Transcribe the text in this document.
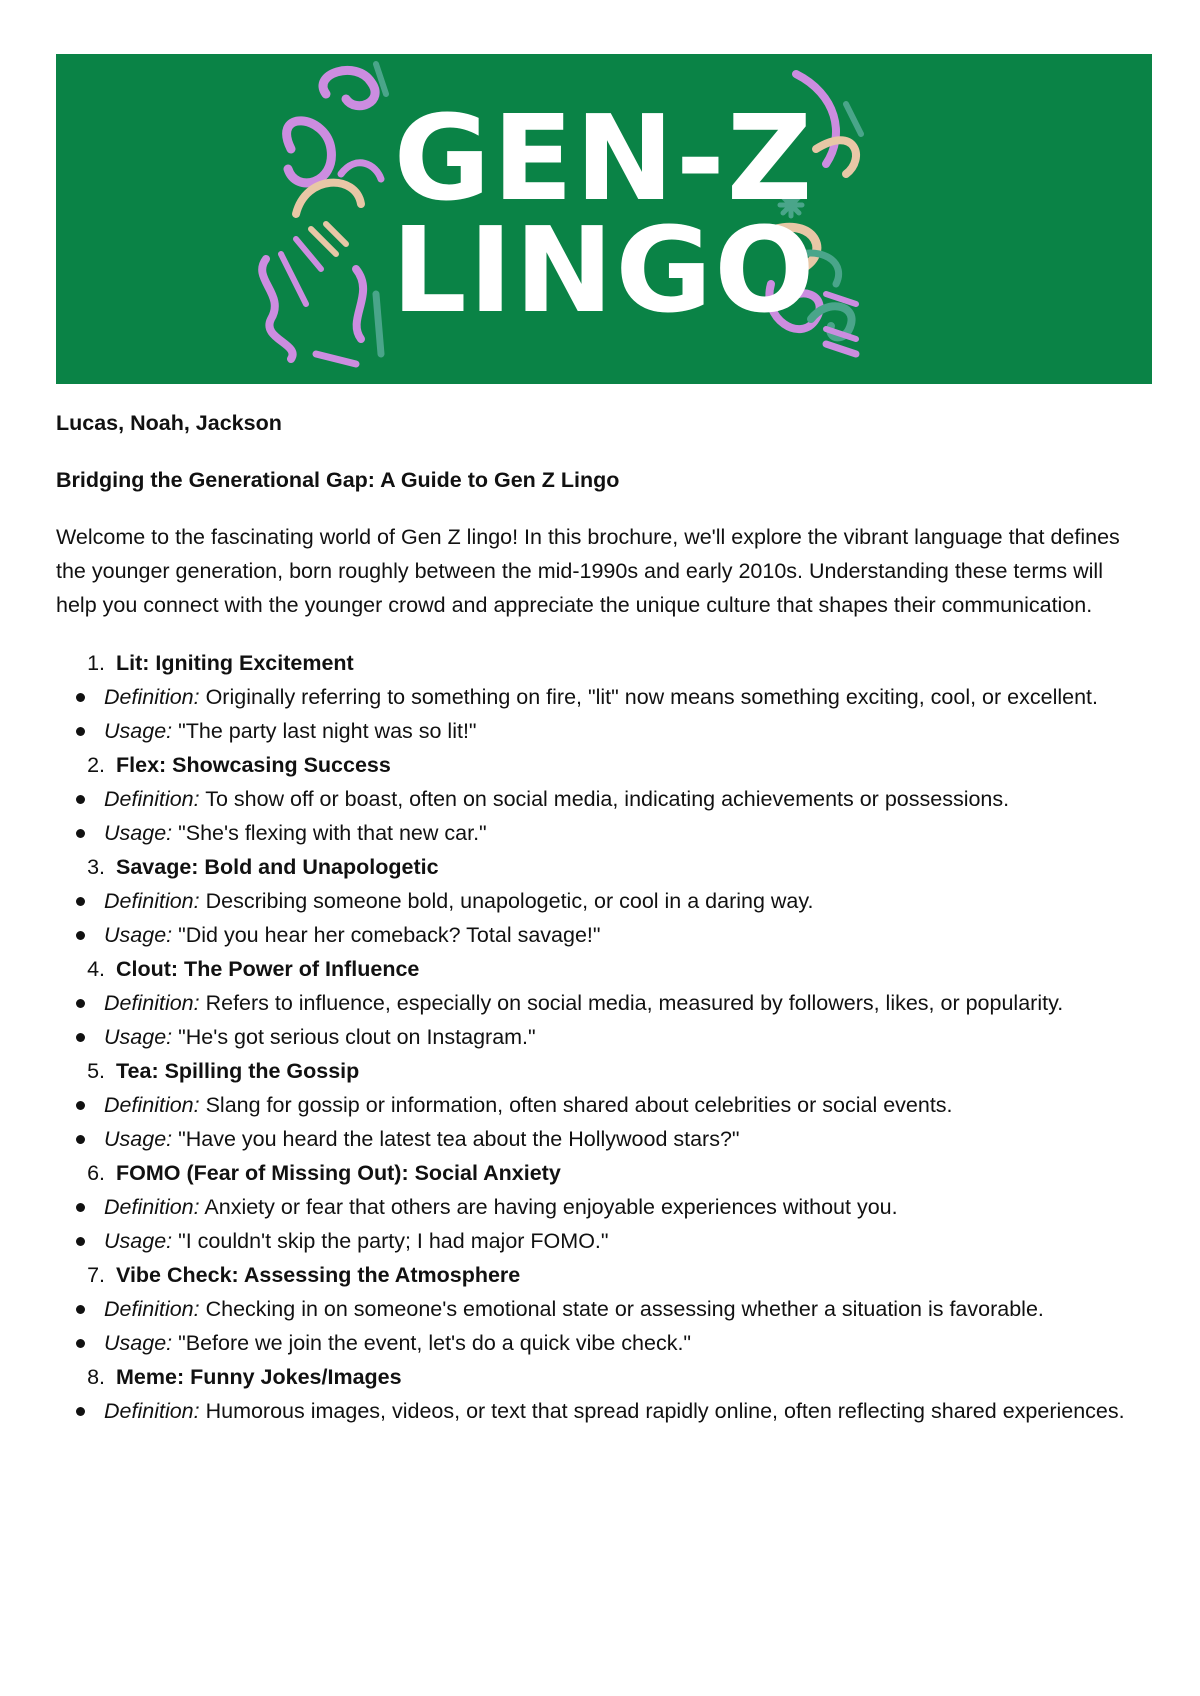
GEN-Z
LINGO

Lucas, Noah, Jackson

Bridging the Generational Gap: A Guide to Gen Z Lingo

Welcome to the fascinating world of Gen Z lingo! In this brochure, we'll explore the vibrant language that defines the younger generation, born roughly between the mid-1990s and early 2010s. Understanding these terms will help you connect with the younger crowd and appreciate the unique culture that shapes their communication.

1. Lit: Igniting Excitement
Definition: Originally referring to something on fire, "lit" now means something exciting, cool, or excellent.
Usage: "The party last night was so lit!"
2. Flex: Showcasing Success
Definition: To show off or boast, often on social media, indicating achievements or possessions.
Usage: "She's flexing with that new car."
3. Savage: Bold and Unapologetic
Definition: Describing someone bold, unapologetic, or cool in a daring way.
Usage: "Did you hear her comeback? Total savage!"
4. Clout: The Power of Influence
Definition: Refers to influence, especially on social media, measured by followers, likes, or popularity.
Usage: "He's got serious clout on Instagram."
5. Tea: Spilling the Gossip
Definition: Slang for gossip or information, often shared about celebrities or social events.
Usage: "Have you heard the latest tea about the Hollywood stars?"
6. FOMO (Fear of Missing Out): Social Anxiety
Definition: Anxiety or fear that others are having enjoyable experiences without you.
Usage: "I couldn't skip the party; I had major FOMO."
7. Vibe Check: Assessing the Atmosphere
Definition: Checking in on someone's emotional state or assessing whether a situation is favorable.
Usage: "Before we join the event, let's do a quick vibe check."
8. Meme: Funny Jokes/Images
Definition: Humorous images, videos, or text that spread rapidly online, often reflecting shared experiences.
